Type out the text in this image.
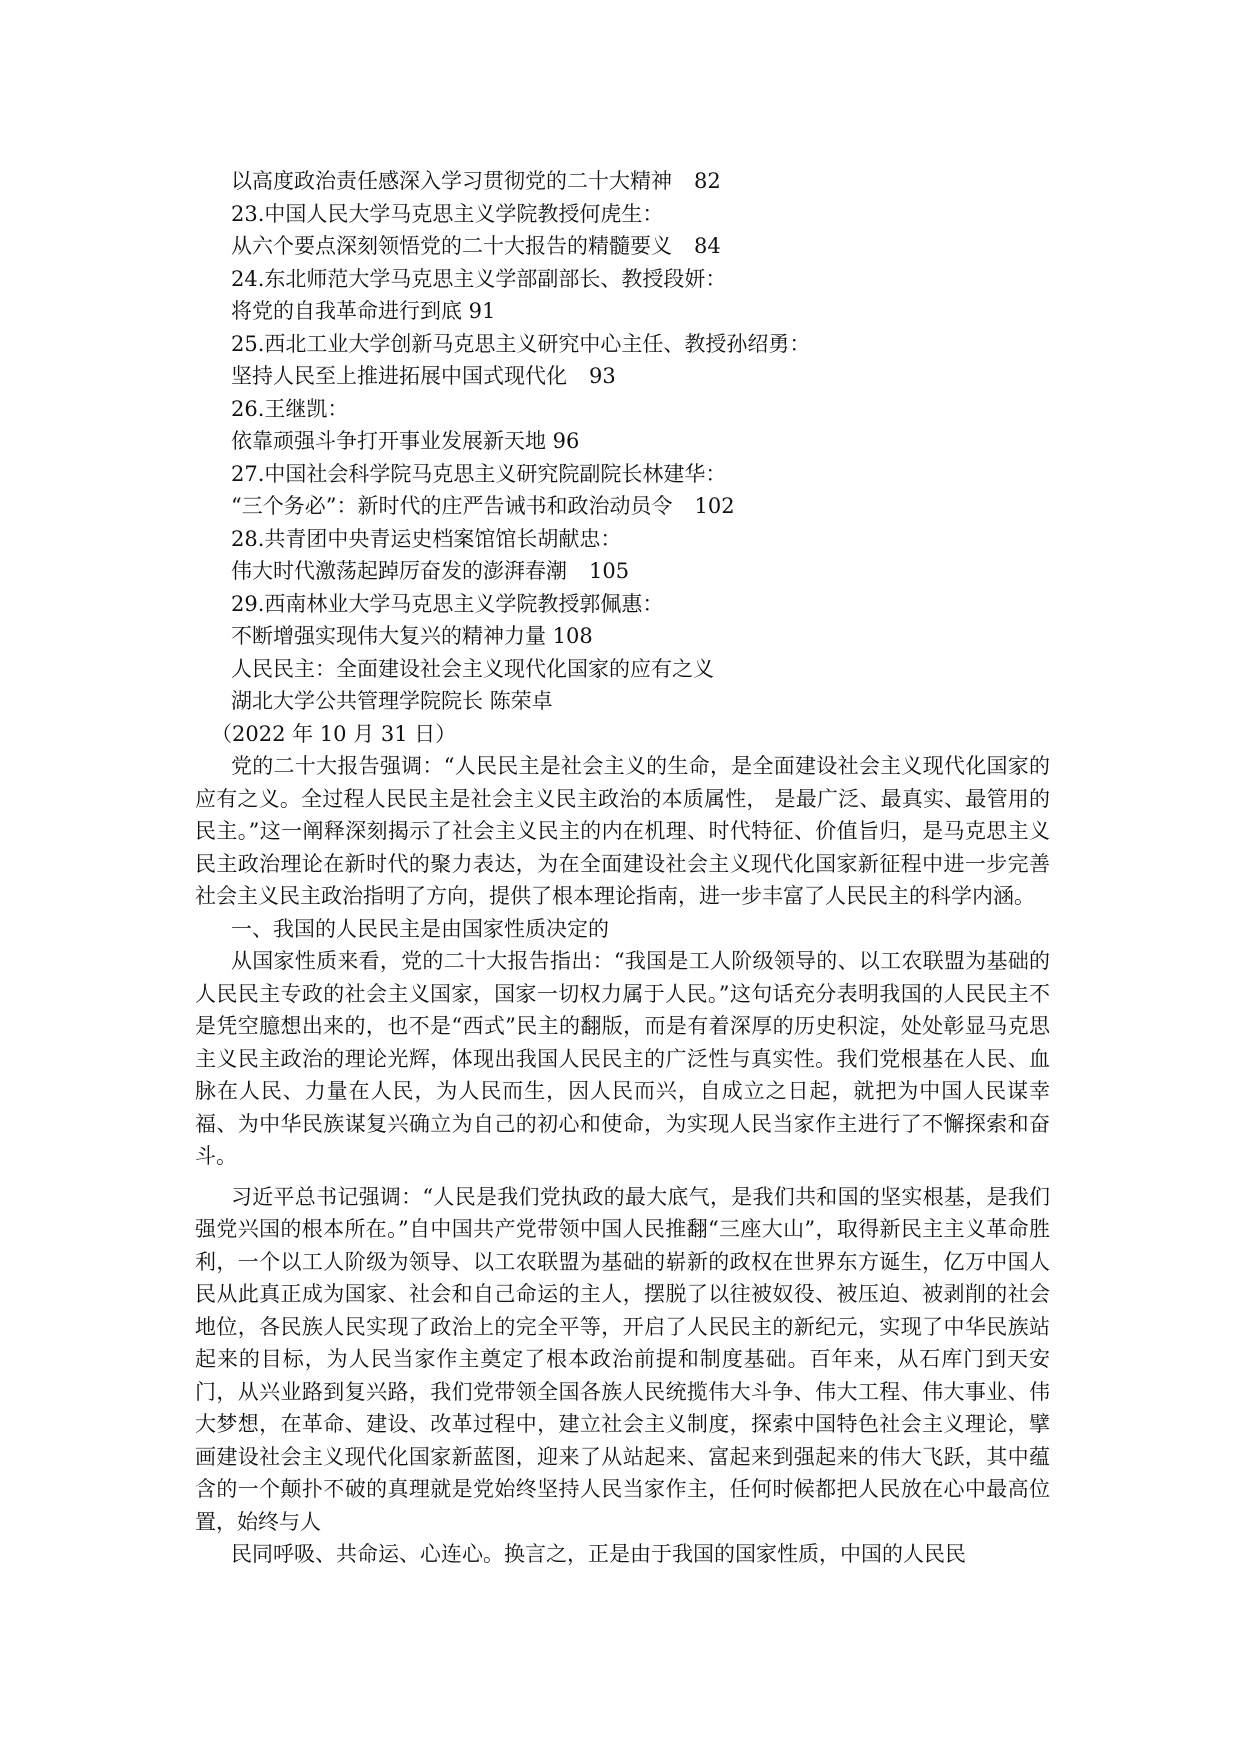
以高度政治责任感深入学习贯彻党的二十大精神 82
23.中国人民大学马克思主义学院教授何虎生：
从六个要点深刻领悟党的二十大报告的精髓要义 84
24.东北师范大学马克思主义学部副部长、教授段妍：
将党的自我革命进行到底 91
25.西北工业大学创新马克思主义研究中心主任、教授孙绍勇：
坚持人民至上推进拓展中国式现代化 93
26.王继凯：
依靠顽强斗争打开事业发展新天地 96
27.中国社会科学院马克思主义研究院副院长林建华：
“三个务必”：新时代的庄严告诫书和政治动员令 102
28.共青团中央青运史档案馆馆长胡献忠：
伟大时代激荡起踔厉奋发的澎湃春潮 105
29.西南林业大学马克思主义学院教授郭佩惠：
不断增强实现伟大复兴的精神力量 108
人民民主：全面建设社会主义现代化国家的应有之义
湖北大学公共管理学院院长 陈荣卓
（2022 年 10 月 31 日）

党的二十大报告强调：“人民民主是社会主义的生命，是全面建设社会主义现代化国家的应有之义。全过程人民民主是社会主义民主政治的本质属性， 是最广泛、最真实、最管用的民主。”这一阐释深刻揭示了社会主义民主的内在机理、时代特征、价值旨归，是马克思主义民主政治理论在新时代的聚力表达，为在全面建设社会主义现代化国家新征程中进一步完善社会主义民主政治指明了方向，提供了根本理论指南，进一步丰富了人民民主的科学内涵。

一、我国的人民民主是由国家性质决定的

从国家性质来看，党的二十大报告指出：“我国是工人阶级领导的、以工农联盟为基础的人民民主专政的社会主义国家，国家一切权力属于人民。”这句话充分表明我国的人民民主不是凭空臆想出来的，也不是“西式”民主的翻版，而是有着深厚的历史积淀，处处彰显马克思主义民主政治的理论光辉，体现出我国人民民主的广泛性与真实性。我们党根基在人民、血脉在人民、力量在人民，为人民而生，因人民而兴，自成立之日起，就把为中国人民谋幸福、为中华民族谋复兴确立为自己的初心和使命，为实现人民当家作主进行了不懈探索和奋斗。

习近平总书记强调：“人民是我们党执政的最大底气，是我们共和国的坚实根基，是我们强党兴国的根本所在。”自中国共产党带领中国人民推翻“三座大山”，取得新民主主义革命胜利，一个以工人阶级为领导、以工农联盟为基础的崭新的政权在世界东方诞生，亿万中国人民从此真正成为国家、社会和自己命运的主人，摆脱了以往被奴役、被压迫、被剥削的社会地位，各民族人民实现了政治上的完全平等，开启了人民民主的新纪元，实现了中华民族站起来的目标，为人民当家作主奠定了根本政治前提和制度基础。百年来，从石库门到天安门，从兴业路到复兴路，我们党带领全国各族人民统揽伟大斗争、伟大工程、伟大事业、伟大梦想，在革命、建设、改革过程中，建立社会主义制度，探索中国特色社会主义理论，擘画建设社会主义现代化国家新蓝图，迎来了从站起来、富起来到强起来的伟大飞跃，其中蕴含的一个颠扑不破的真理就是党始终坚持人民当家作主，任何时候都把人民放在心中最高位置，始终与人

民同呼吸、共命运、心连心。换言之，正是由于我国的国家性质，中国的人民民
